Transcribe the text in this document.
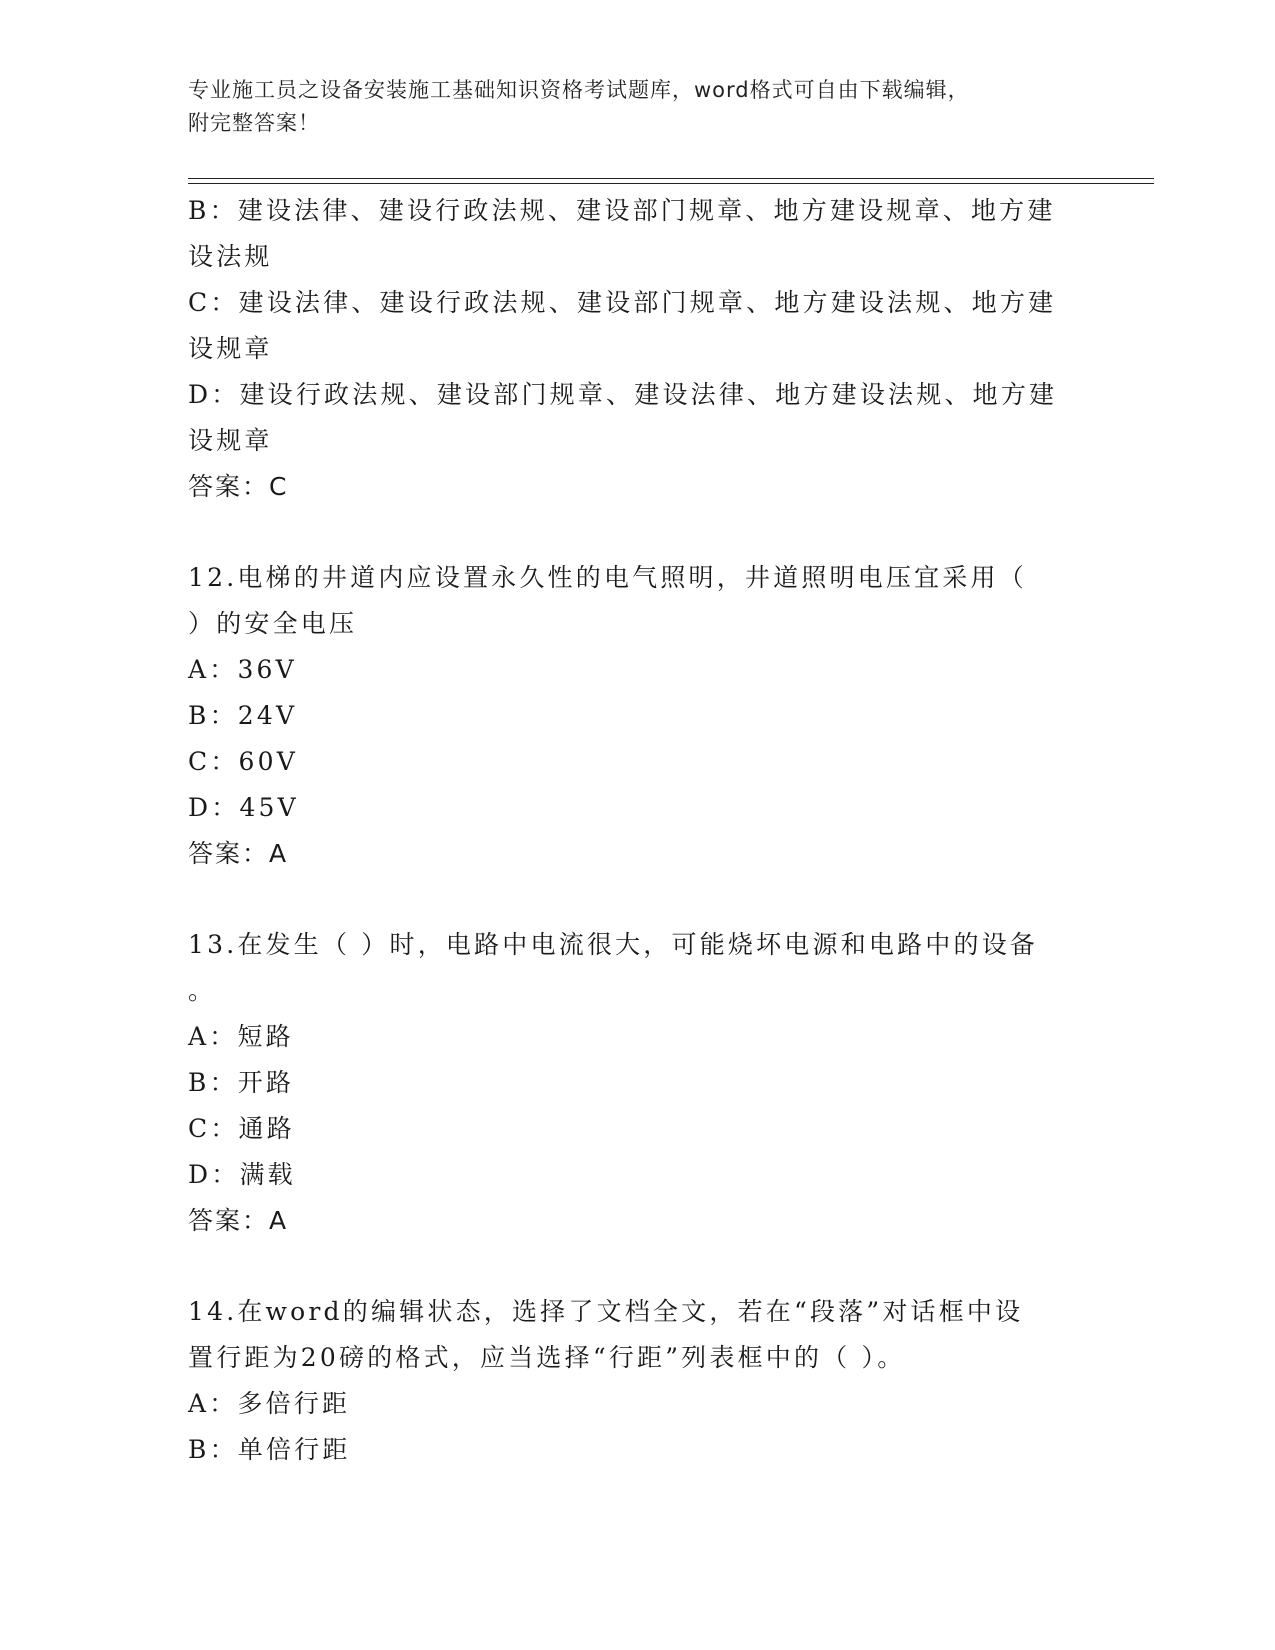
专业施工员之设备安装施工基础知识资格考试题库，word格式可自由下载编辑，
附完整答案！
B：建设法律、建设行政法规、建设部门规章、地方建设规章、地方建
设法规
C：建设法律、建设行政法规、建设部门规章、地方建设法规、地方建
设规章
D：建设行政法规、建设部门规章、建设法律、地方建设法规、地方建
设规章
答案：C
12.电梯的井道内应设置永久性的电气照明，井道照明电压宜采用（
）的安全电压
A：36V
B：24V
C：60V
D：45V
答案：A
13.在发生（ ）时，电路中电流很大，可能烧坏电源和电路中的设备
。
A：短路
B：开路
C：通路
D：满载
答案：A
14.在word的编辑状态，选择了文档全文，若在“段落”对话框中设
置行距为20磅的格式，应当选择“行距”列表框中的（ ）。
A：多倍行距
B：单倍行距
